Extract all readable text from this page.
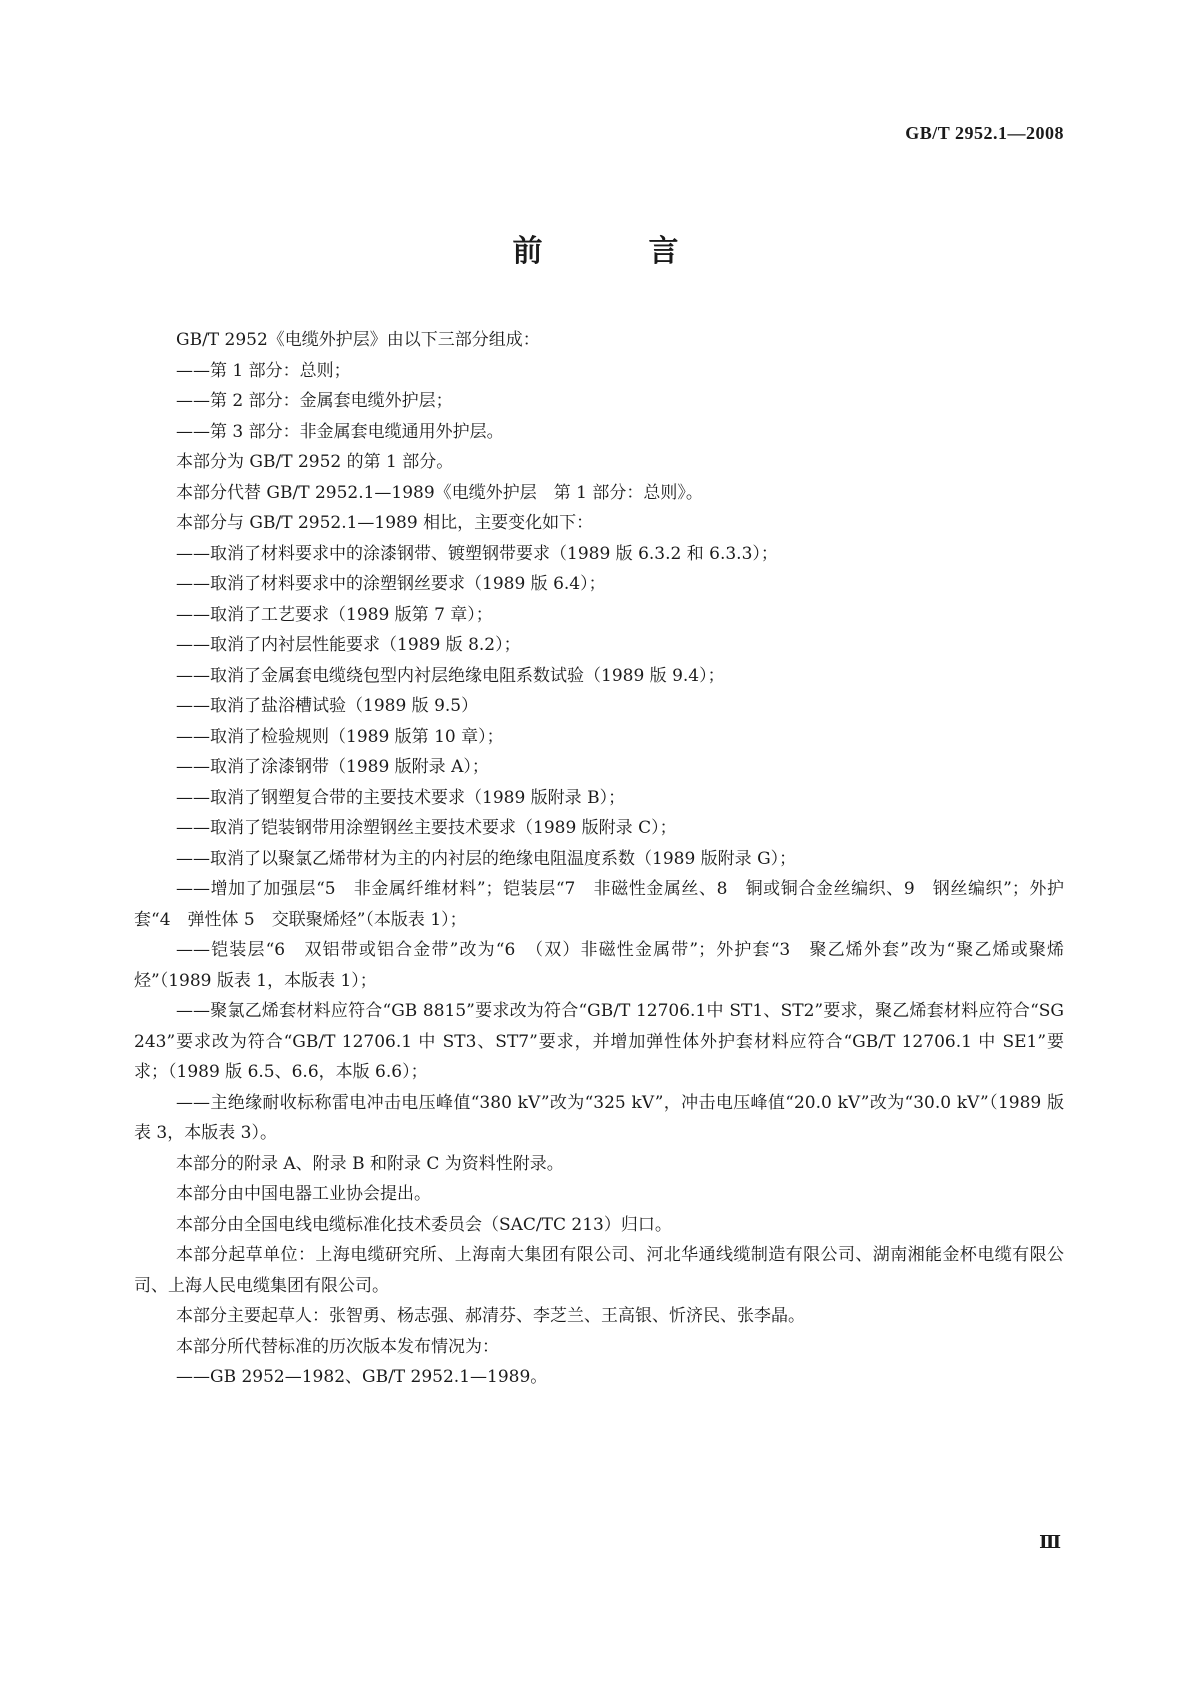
GB/T 2952.1—2008
前　言

GB/T 2952《电缆外护层》由以下三部分组成：

——第 1 部分：总则；

——第 2 部分：金属套电缆外护层；

——第 3 部分：非金属套电缆通用外护层。

本部分为 GB/T 2952 的第 1 部分。

本部分代替 GB/T 2952.1—1989《电缆外护层　第 1 部分：总则》。

本部分与 GB/T 2952.1—1989 相比，主要变化如下：

——取消了材料要求中的涂漆钢带、镀塑钢带要求（1989 版 6.3.2 和 6.3.3）；

——取消了材料要求中的涂塑钢丝要求（1989 版 6.4）；

——取消了工艺要求（1989 版第 7 章）；

——取消了内衬层性能要求（1989 版 8.2）；

——取消了金属套电缆绕包型内衬层绝缘电阻系数试验（1989 版 9.4）；

——取消了盐浴槽试验（1989 版 9.5）

——取消了检验规则（1989 版第 10 章）；

——取消了涂漆钢带（1989 版附录 A）；

——取消了钢塑复合带的主要技术要求（1989 版附录 B）；

——取消了铠装钢带用涂塑钢丝主要技术要求（1989 版附录 C）；

——取消了以聚氯乙烯带材为主的内衬层的绝缘电阻温度系数（1989 版附录 G）；

——增加了加强层“5　非金属纤维材料”；铠装层“7　非磁性金属丝、8　铜或铜合金丝编织、9　钢丝编织”；外护套“4　弹性体 5　交联聚烯烃”（本版表 1）；

——铠装层“6　双铝带或铝合金带”改为“6　（双）非磁性金属带”；外护套“3　聚乙烯外套”改为“聚乙烯或聚烯烃”（1989 版表 1，本版表 1）；

——聚氯乙烯套材料应符合“GB 8815”要求改为符合“GB/T 12706.1中 ST1、ST2”要求，聚乙烯套材料应符合“SG 243”要求改为符合“GB/T 12706.1 中 ST3、ST7”要求，并增加弹性体外护套材料应符合“GB/T 12706.1 中 SE1”要求；（1989 版 6.5、6.6，本版 6.6）；

——主绝缘耐收标称雷电冲击电压峰值“380 kV”改为“325 kV”，冲击电压峰值“20.0 kV”改为“30.0 kV”（1989 版表 3，本版表 3）。

本部分的附录 A、附录 B 和附录 C 为资料性附录。

本部分由中国电器工业协会提出。

本部分由全国电线电缆标准化技术委员会（SAC/TC 213）归口。

本部分起草单位：上海电缆研究所、上海南大集团有限公司、河北华通线缆制造有限公司、湖南湘能金杯电缆有限公司、上海人民电缆集团有限公司。

本部分主要起草人：张智勇、杨志强、郝清芬、李芝兰、王高银、忻济民、张李晶。

本部分所代替标准的历次版本发布情况为：

——GB 2952—1982、GB/T 2952.1—1989。

Ⅲ
